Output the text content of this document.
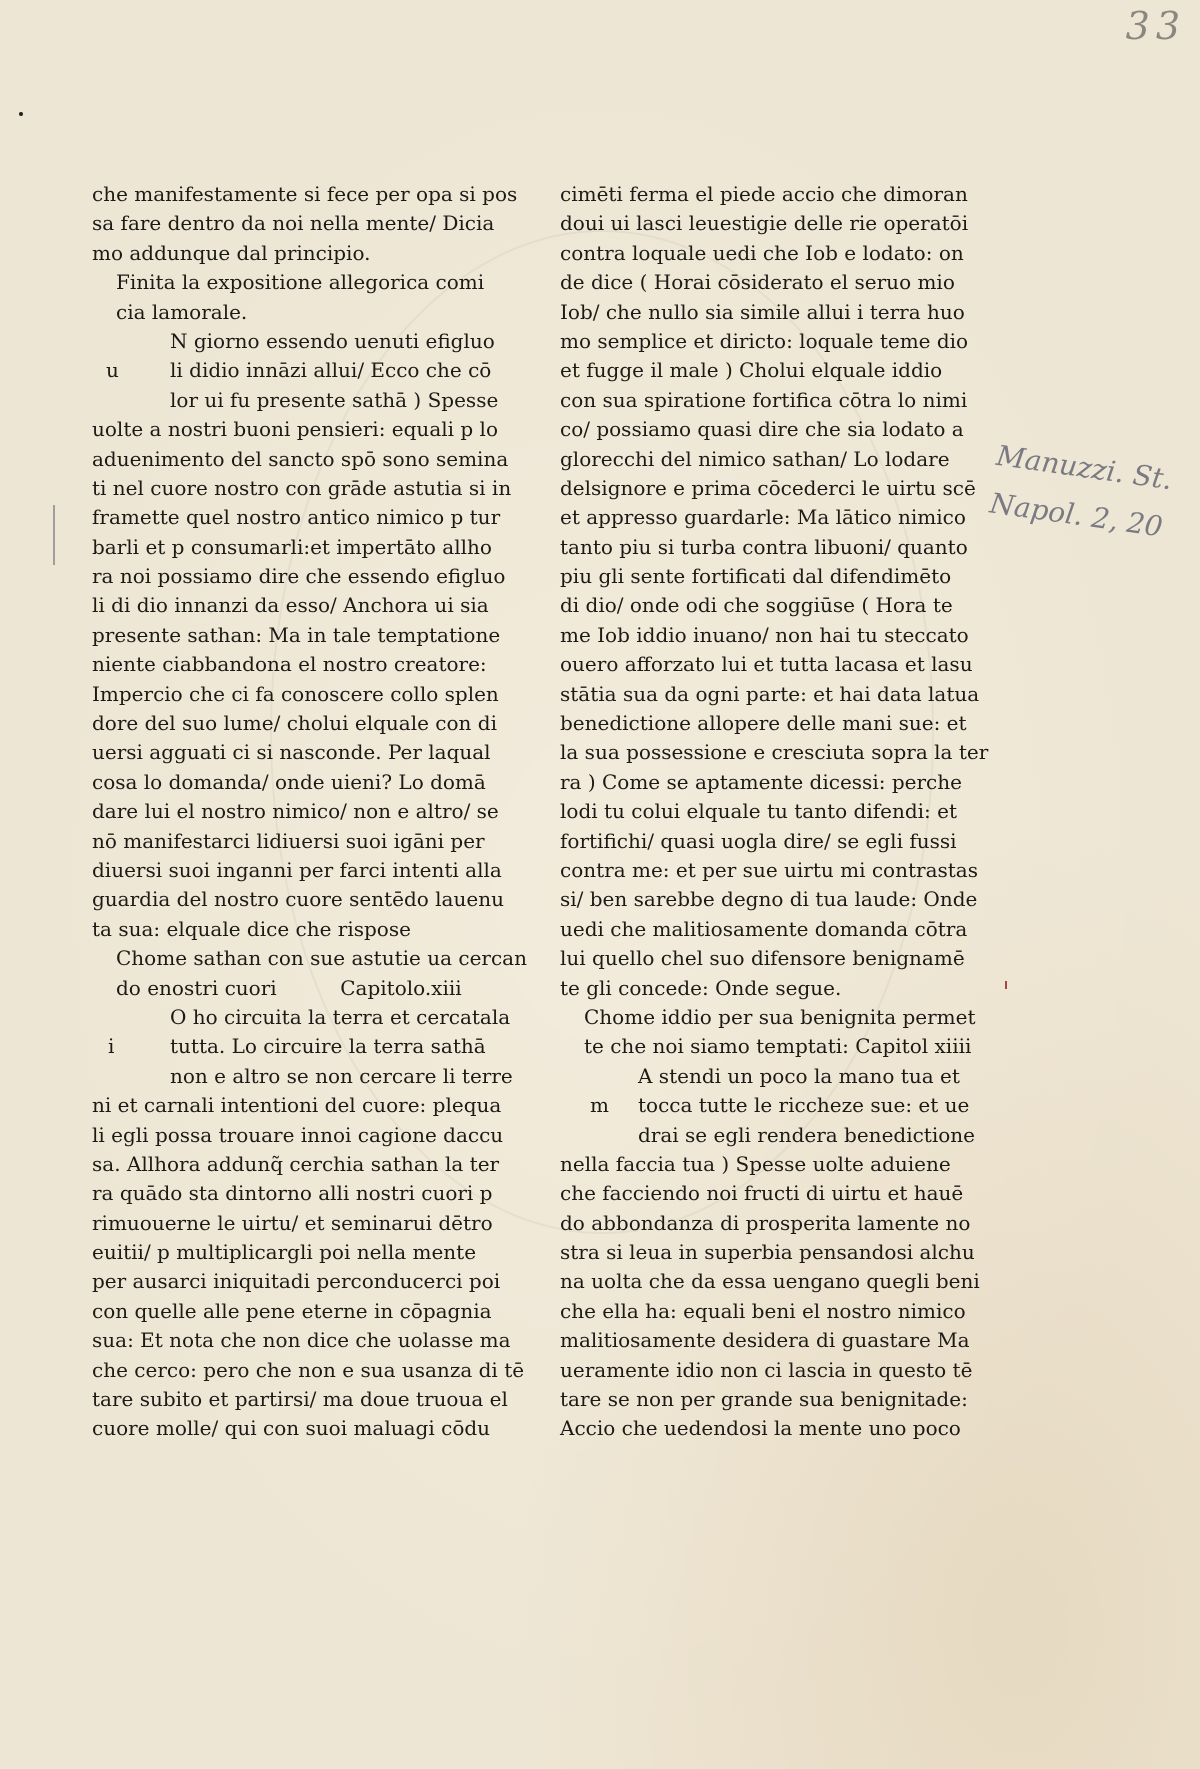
33
Manuzzi. St.
Napol. 2, 20
che manifestamente si fece per opa si pos
sa fare dentro da noi nella mente/ Dicia
mo addunque dal principio.
Finita la expositione allegorica comi
cia lamorale.
N giorno essendo uenuti efigluo
u	li didio innāzi allui/ Ecco che cō
lor ui fu presente sathā ) Spesse
uolte a nostri buoni pensieri: equali p lo
aduenimento del sancto spō sono semina
ti nel cuore nostro con grāde astutia si in
framette quel nostro antico nimico p tur
barli et p consumarli:et impertāto allho
ra noi possiamo dire che essendo efigluo
li di dio innanzi da esso/ Anchora ui sia
presente sathan: Ma in tale temptatione
niente ciabbandona el nostro creatore:
Impercio che ci fa conoscere collo splen
dore del suo lume/ cholui elquale con di
uersi agguati ci si nasconde. Per laqual
cosa lo domanda/ onde uieni? Lo domā
dare lui el nostro nimico/ non e altro/ se
nō manifestarci lidiuersi suoi igāni per
diuersi suoi inganni per farci intenti alla
guardia del nostro cuore sentēdo lauenu
ta sua: elquale dice che rispose
Chome sathan con sue astutie ua cercan
do enostri cuori          Capitolo.xiii
O ho circuita la terra et cercatala
i	tutta. Lo circuire la terra sathā
non e altro se non cercare li terre
ni et carnali intentioni del cuore: plequa
li egli possa trouare innoi cagione daccu
sa. Allhora addunq̃ cerchia sathan la ter
ra quādo sta dintorno alli nostri cuori p
rimuouerne le uirtu/ et seminarui dētro
euitii/ p multiplicargli poi nella mente
per ausarci iniquitadi perconducerci poi
con quelle alle pene eterne in cōpagnia
sua: Et nota che non dice che uolasse ma
che cerco: pero che non e sua usanza di tē
tare subito et partirsi/ ma doue truoua el
cuore molle/ qui con suoi maluagi cōdu
cimēti ferma el piede accio che dimoran
doui ui lasci leuestigie delle rie operatōi
contra loquale uedi che Iob e lodato: on
de dice ( Horai cōsiderato el seruo mio
Iob/ che nullo sia simile allui i terra huo
mo semplice et diricto: loquale teme dio
et fugge il male ) Cholui elquale iddio
con sua spiratione fortifica cōtra lo nimi
co/ possiamo quasi dire che sia lodato a
glorecchi del nimico sathan/ Lo lodare
delsignore e prima cōcederci le uirtu scē
et appresso guardarle: Ma lātico nimico
tanto piu si turba contra libuoni/ quanto
piu gli sente fortificati dal difendimēto
di dio/ onde odi che soggiūse ( Hora te
me Iob iddio inuano/ non hai tu steccato
ouero afforzato lui et tutta lacasa et lasu
stātia sua da ogni parte: et hai data latua
benedictione allopere delle mani sue: et
la sua possessione e cresciuta sopra la ter
ra ) Come se aptamente dicessi: perche
lodi tu colui elquale tu tanto difendi: et
fortifichi/ quasi uogla dire/ se egli fussi
contra me: et per sue uirtu mi contrastas
si/ ben sarebbe degno di tua laude: Onde
uedi che malitiosamente domanda cōtra
lui quello chel suo difensore benignamē
te gli concede: Onde segue.
Chome iddio per sua benignita permet
te che noi siamo temptati: Capitol xiiii
A stendi un poco la mano tua et
m tocca tutte le riccheze sue: et ue
drai se egli rendera benedictione
nella faccia tua ) Spesse uolte aduiene
che facciendo noi fructi di uirtu et hauē
do abbondanza di prosperita lamente no
stra si leua in superbia pensandosi alchu
na uolta che da essa uengano quegli beni
che ella ha: equali beni el nostro nimico
malitiosamente desidera di guastare Ma
ueramente idio non ci lascia in questo tē
tare se non per grande sua benignitade:
Accio che uedendosi la mente uno poco
